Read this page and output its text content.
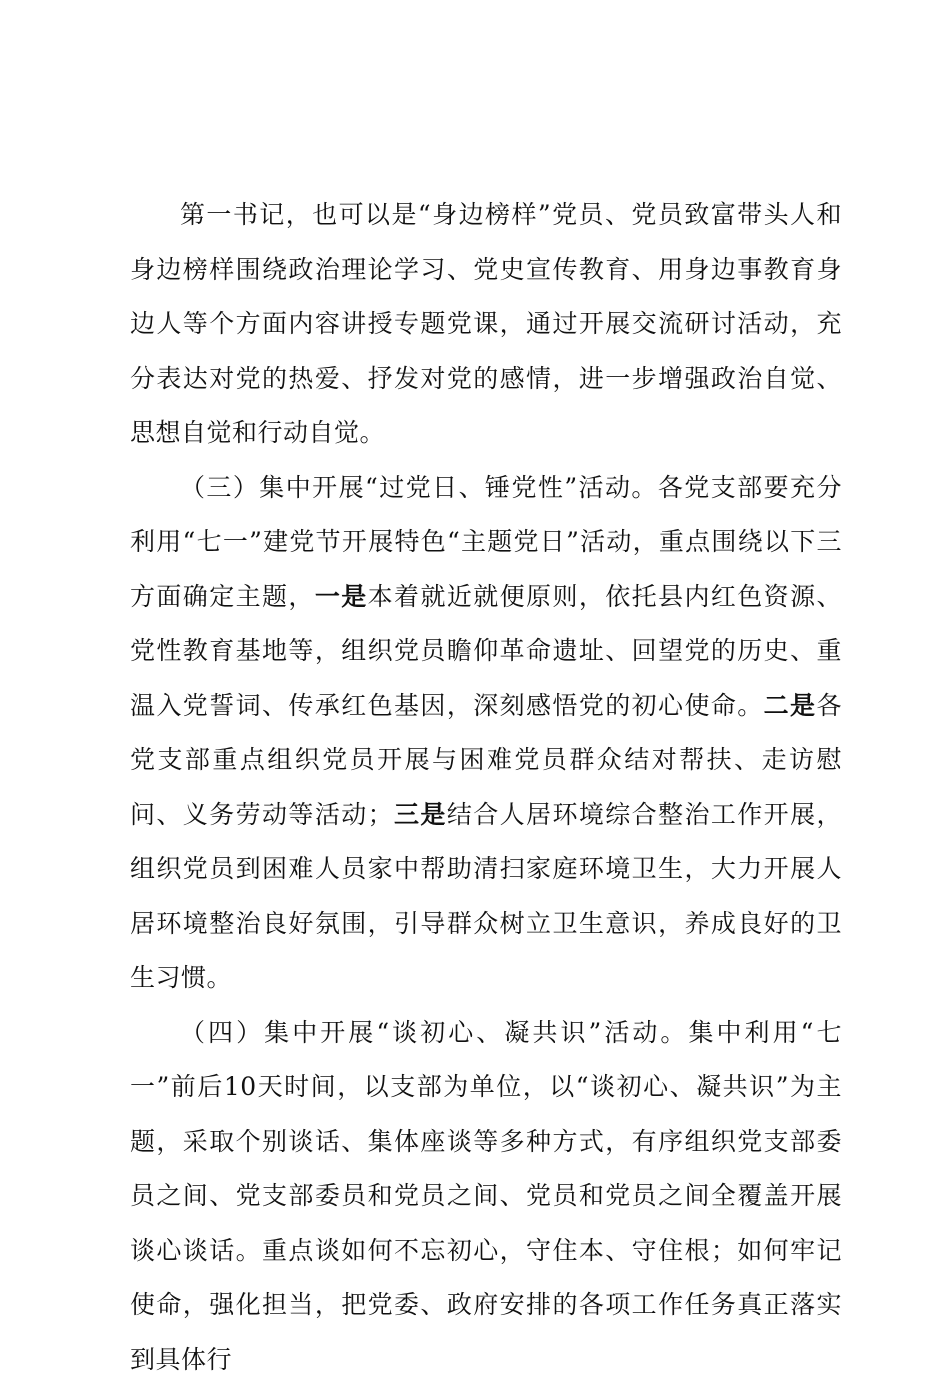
第一书记，也可以是“身边榜样”党员、党员致富带头人和身边榜样围绕政治理论学习、党史宣传教育、用身边事教育身边人等个方面内容讲授专题党课，通过开展交流研讨活动，充分表达对党的热爱、抒发对党的感情，进一步增强政治自觉、思想自觉和行动自觉。

（三）集中开展“过党日、锤党性”活动。各党支部要充分利用“七一”建党节开展特色“主题党日”活动，重点围绕以下三方面确定主题，一是本着就近就便原则，依托县内红色资源、党性教育基地等，组织党员瞻仰革命遗址、回望党的历史、重温入党誓词、传承红色基因，深刻感悟党的初心使命。二是各党支部重点组织党员开展与困难党员群众结对帮扶、走访慰问、义务劳动等活动；三是结合人居环境综合整治工作开展，组织党员到困难人员家中帮助清扫家庭环境卫生，大力开展人居环境整治良好氛围，引导群众树立卫生意识，养成良好的卫生习惯。

（四）集中开展“谈初心、凝共识”活动。集中利用“七一”前后10天时间，以支部为单位，以“谈初心、凝共识”为主题，采取个别谈话、集体座谈等多种方式，有序组织党支部委员之间、党支部委员和党员之间、党员和党员之间全覆盖开展谈心谈话。重点谈如何不忘初心，守住本、守住根；如何牢记使命，强化担当，把党委、政府安排的各项工作任务真正落实到具体行
